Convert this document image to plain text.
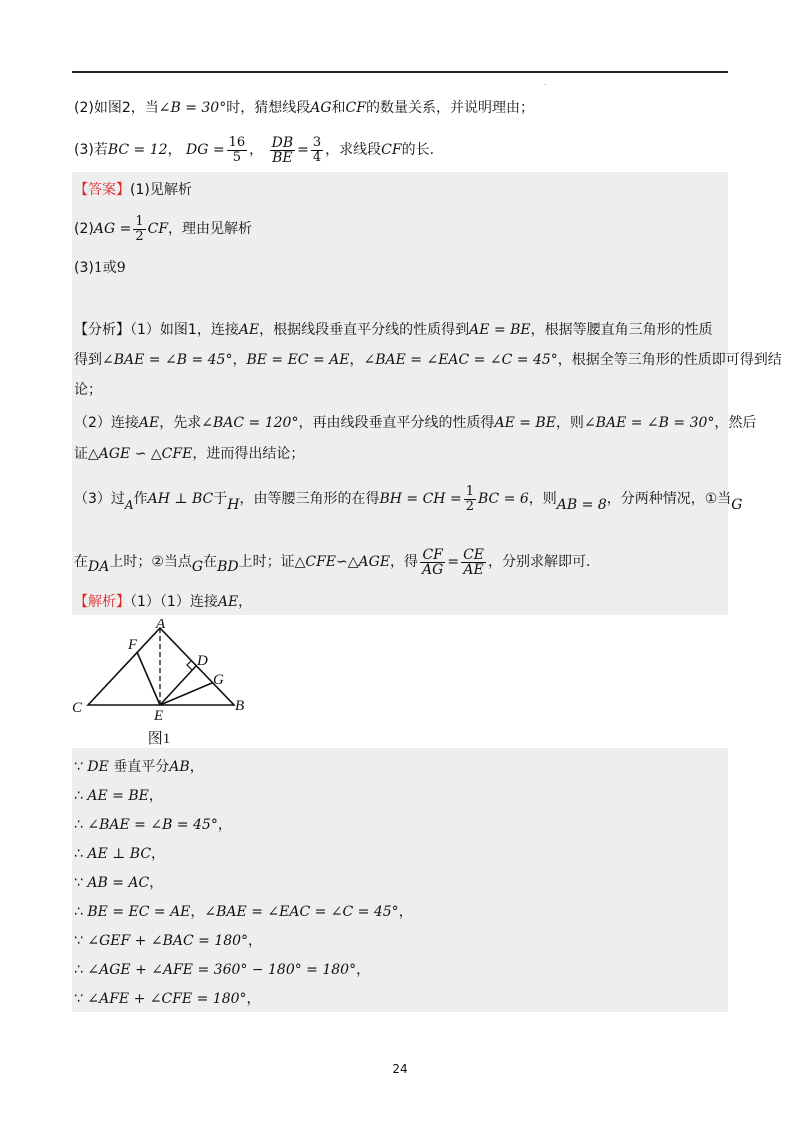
.
(2)如图2，当∠B = 30°时，猜想线段AG和CF的数量关系，并说明理由；
(3)若BC = 12， DG = $\frac{16}{5}$ ， $\frac{DB}{BE} = \frac{3}{4}$ ，求线段CF的长.
【答案】(1)见解析
$(2)AG = \frac{1}{2}$ CF，理由见解析
(3)1或9
【分析】（1）如图1，连接AE，根据线段垂直平分线的性质得到AE = BE，根据等腰直角三角形的性质
得到∠BAE = ∠B = 45°，BE = EC = AE，∠BAE = ∠EAC = ∠C = 45°，根据全等三角形的性质即可得到结
论；
（2）连接AE，先求∠BAC = 120°，再由线段垂直平分线的性质得AE = BE，则∠BAE = ∠B = 30°，然后
证△AGE ∽ △CFE，进而得出结论；
（3）过A作AH ⊥ BC于H，由等腰三角形的在得BH = CH = $\frac{1}{2}$ BC = 6，则AB = 8，分两种情况，①当G
在DA上时；②当点G在BD上时；证△CFE∽△AGE，得 $\frac{CF}{AG} = \frac{CE}{AE}$ ，分别求解即可.
【解析】（1）（1）连接AE，
A
B
C
D
E
F
G
图1
∵ DE 垂直平分AB，
∴ AE = BE，
∴ ∠BAE = ∠B = 45°，
∴ AE ⊥ BC，
∵ AB = AC，
∴ BE = EC = AE，∠BAE = ∠EAC = ∠C = 45°，
∵ ∠GEF + ∠BAC = 180°，
∴ ∠AGE + ∠AFE = 360° − 180° = 180°，
∵ ∠AFE + ∠CFE = 180°，
24
